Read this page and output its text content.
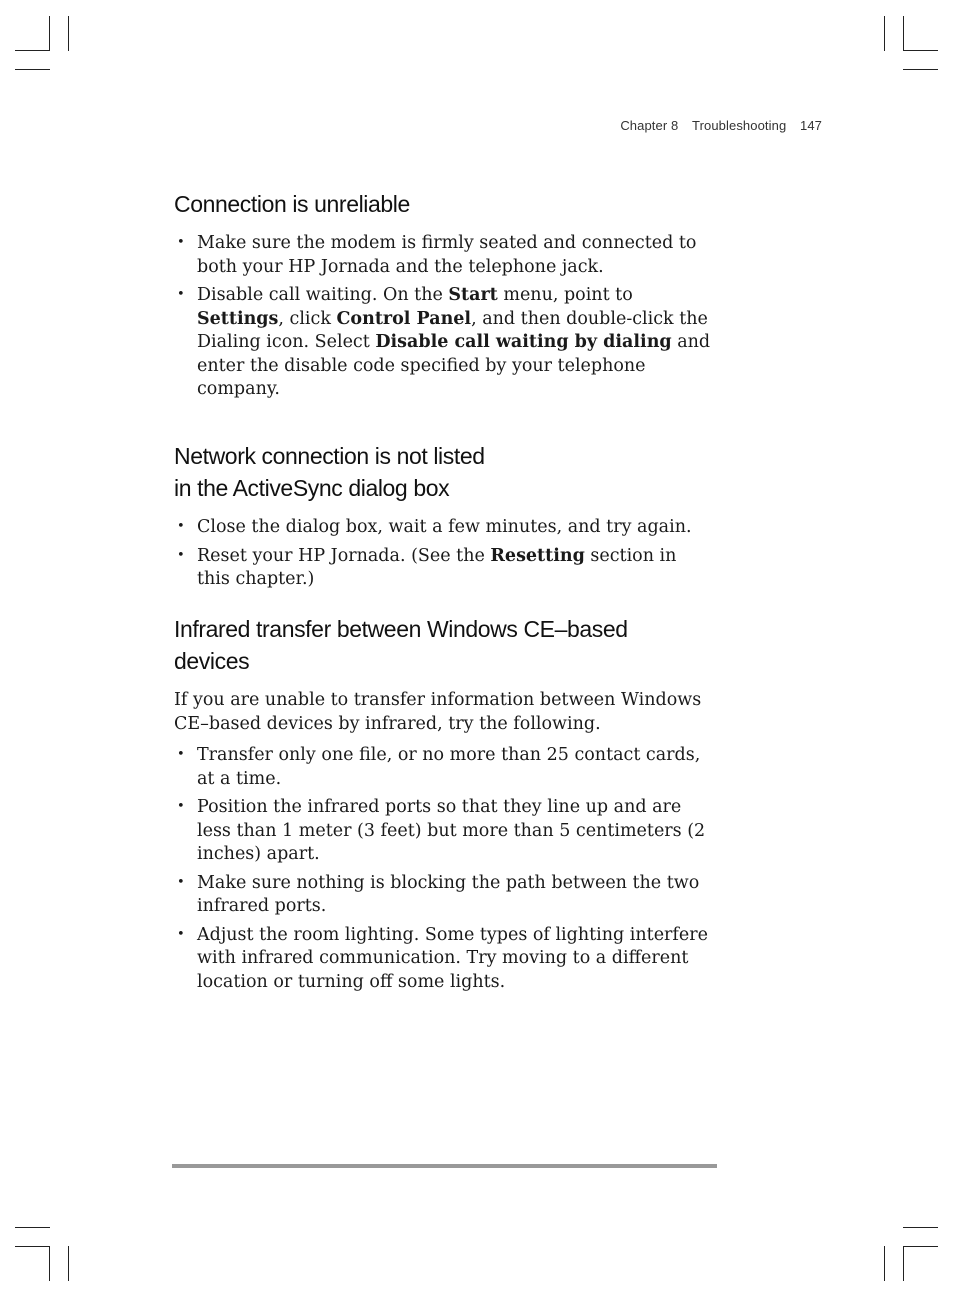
Chapter 8 Troubleshooting 147
Connection is unreliable
• Make sure the modem is firmly seated and connected to both your HP Jornada and the telephone jack.
• Disable call waiting. On the Start menu, point to Settings, click Control Panel, and then double-click the Dialing icon. Select Disable call waiting by dialing and enter the disable code specified by your telephone company.
Network connection is not listed
in the ActiveSync dialog box
• Close the dialog box, wait a few minutes, and try again.
• Reset your HP Jornada. (See the Resetting section in this chapter.)
Infrared transfer between Windows CE–based
devices

If you are unable to transfer information between Windows CE–based devices by infrared, try the following.

• Transfer only one file, or no more than 25 contact cards, at a time.
• Position the infrared ports so that they line up and are less than 1 meter (3 feet) but more than 5 centimeters (2 inches) apart.
• Make sure nothing is blocking the path between the two infrared ports.
• Adjust the room lighting. Some types of lighting interfere with infrared communication. Try moving to a different location or turning off some lights.
